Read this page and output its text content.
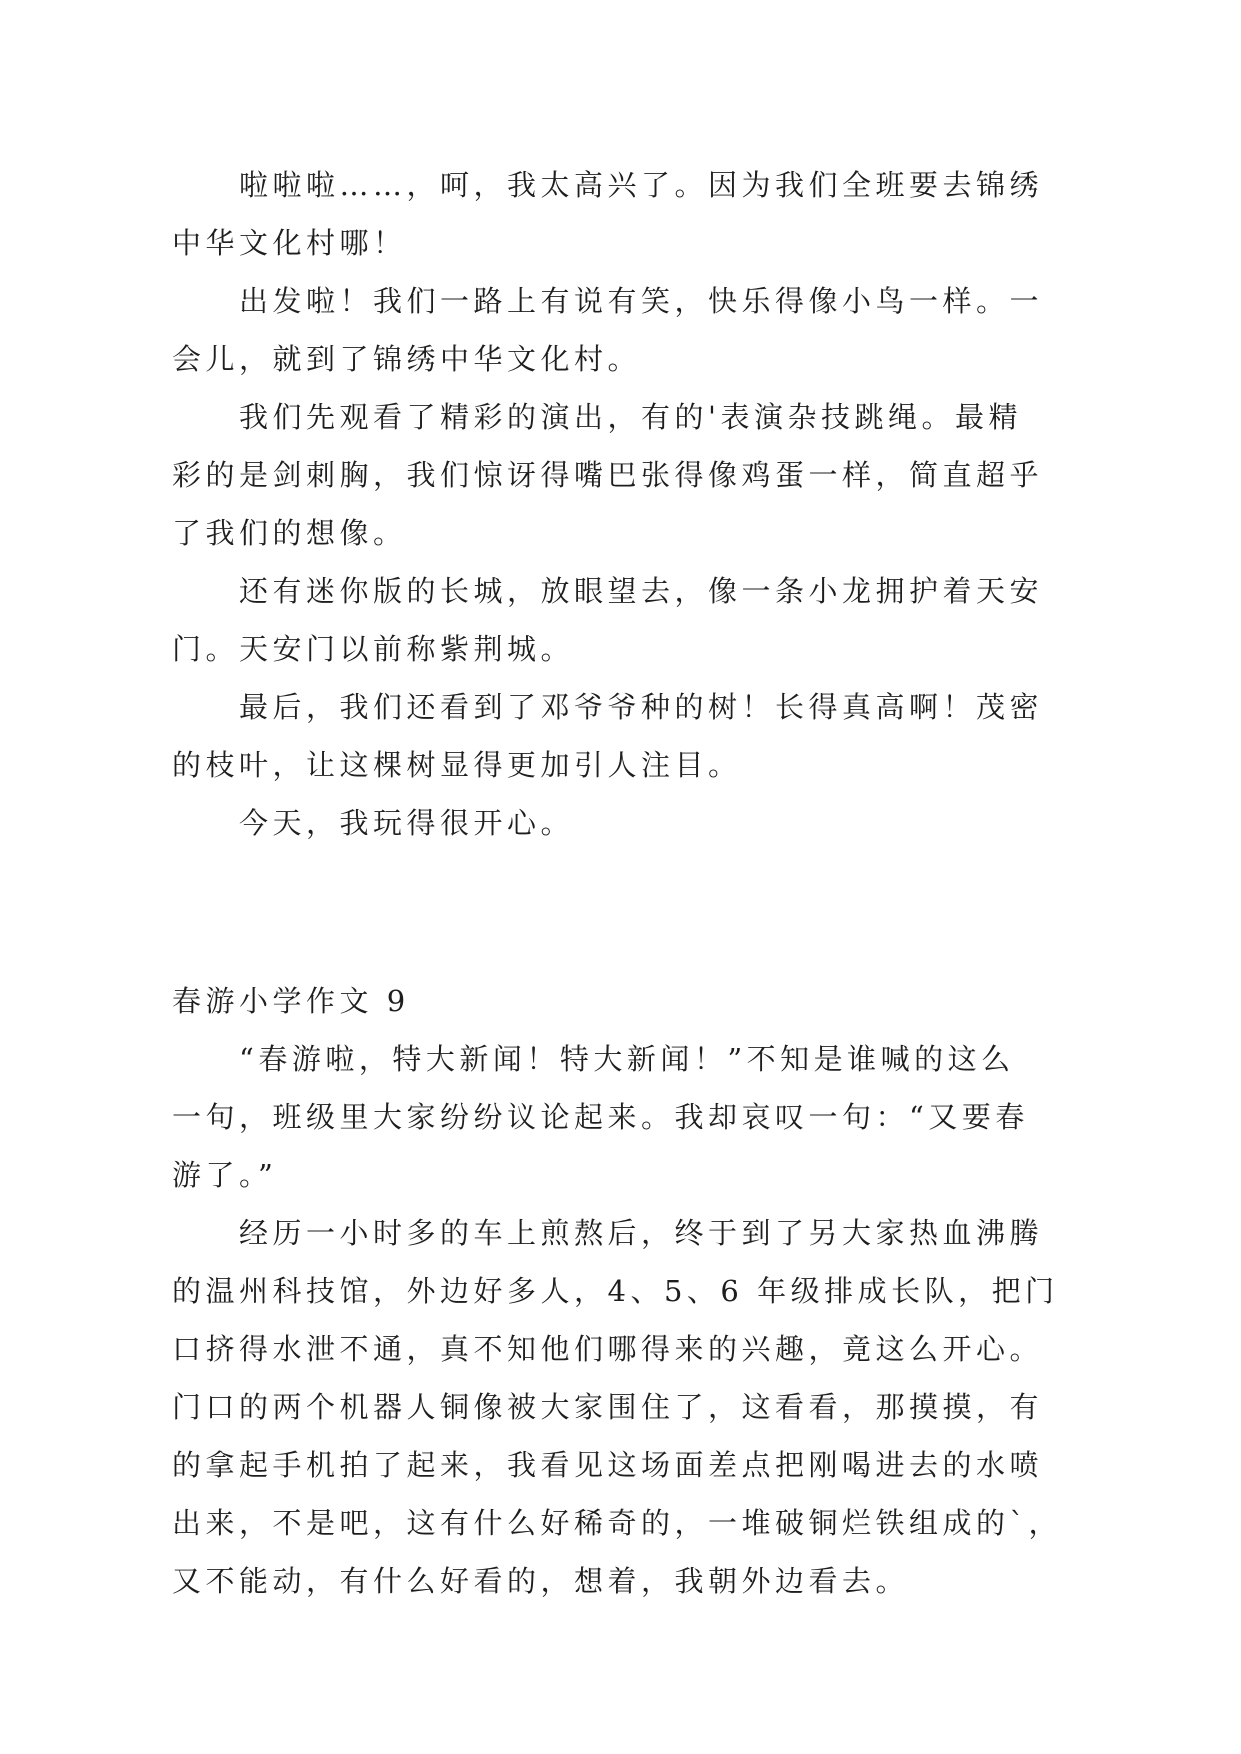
啦啦啦……，呵，我太高兴了。因为我们全班要去锦绣
中华文化村哪！
出发啦！我们一路上有说有笑，快乐得像小鸟一样。一
会儿，就到了锦绣中华文化村。
我们先观看了精彩的演出，有的'表演杂技跳绳。最精
彩的是剑刺胸，我们惊讶得嘴巴张得像鸡蛋一样，简直超乎
了我们的想像。
还有迷你版的长城，放眼望去，像一条小龙拥护着天安
门。天安门以前称紫荆城。
最后，我们还看到了邓爷爷种的树！长得真高啊！茂密
的枝叶，让这棵树显得更加引人注目。
今天，我玩得很开心。
春游小学作文 9
“春游啦，特大新闻！特大新闻！”不知是谁喊的这么
一句，班级里大家纷纷议论起来。我却哀叹一句：“又要春
游了。”
经历一小时多的车上煎熬后，终于到了另大家热血沸腾
的温州科技馆，外边好多人，4、5、6 年级排成长队，把门
口挤得水泄不通，真不知他们哪得来的兴趣，竟这么开心。
门口的两个机器人铜像被大家围住了，这看看，那摸摸，有
的拿起手机拍了起来，我看见这场面差点把刚喝进去的水喷
出来，不是吧，这有什么好稀奇的，一堆破铜烂铁组成的`，
又不能动，有什么好看的，想着，我朝外边看去。
